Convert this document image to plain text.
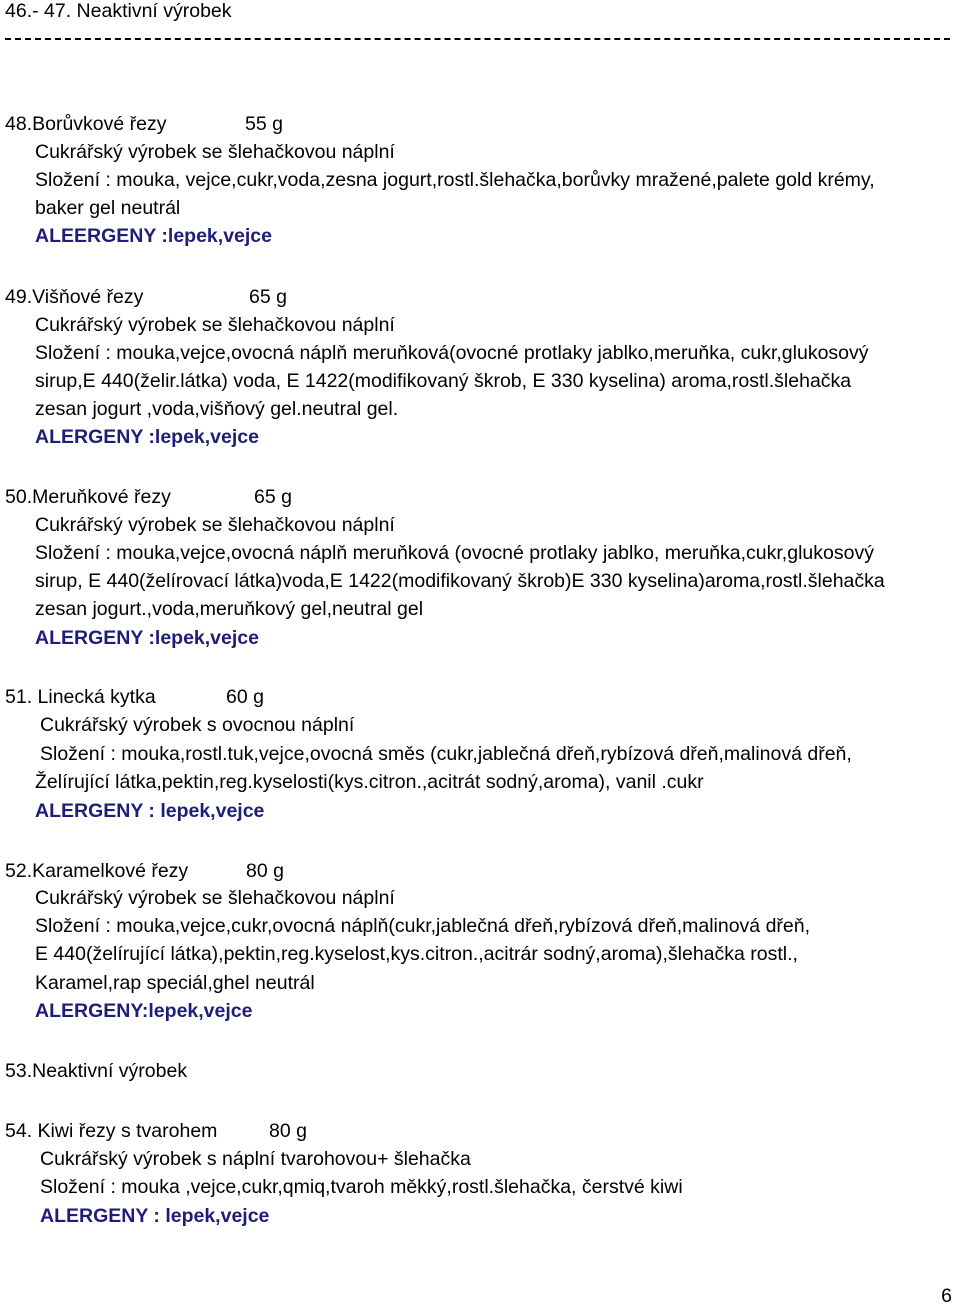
46.- 47. Neaktivní výrobek
48.Borůvkové řezy	55 g
Cukrářský výrobek se šlehačkovou náplní
Složení : mouka, vejce,cukr,voda,zesna jogurt,rostl.šlehačka,borůvky mražené,palete gold krémy,
baker gel neutrál
ALEERGENY :lepek,vejce
49.Višňové řezy	65 g
Cukrářský výrobek se šlehačkovou náplní
Složení : mouka,vejce,ovocná náplň meruňková(ovocné protlaky jablko,meruňka, cukr,glukosový
sirup,E 440(želir.látka) voda, E 1422(modifikovaný škrob, E 330 kyselina) aroma,rostl.šlehačka
zesan jogurt ,voda,višňový gel.neutral gel.
ALERGENY :lepek,vejce
50.Meruňkové řezy	65 g
Cukrářský výrobek se šlehačkovou náplní
Složení : mouka,vejce,ovocná náplň meruňková (ovocné protlaky jablko, meruňka,cukr,glukosový
sirup, E 440(želírovací látka)voda,E 1422(modifikovaný škrob)E 330 kyselina)aroma,rostl.šlehačka
zesan jogurt.,voda,meruňkový gel,neutral gel
ALERGENY :lepek,vejce
51. Linecká kytka	60 g
Cukrářský výrobek s ovocnou náplní
Složení : mouka,rostl.tuk,vejce,ovocná směs (cukr,jablečná dřeň,rybízová dřeň,malinová dřeň,
Želírující látka,pektin,reg.kyselosti(kys.citron.,acitrát sodný,aroma), vanil .cukr
ALERGENY : lepek,vejce
52.Karamelkové řezy	80 g
Cukrářský výrobek se šlehačkovou náplní
Složení : mouka,vejce,cukr,ovocná náplň(cukr,jablečná dřeň,rybízová dřeň,malinová dřeň,
E 440(želírující látka),pektin,reg.kyselost,kys.citron.,acitrár sodný,aroma),šlehačka rostl.,
Karamel,rap speciál,ghel neutrál
ALERGENY:lepek,vejce
53.Neaktivní výrobek
54. Kiwi řezy s tvarohem	80 g
Cukrářský výrobek s náplní tvarohovou+ šlehačka
Složení : mouka ,vejce,cukr,qmiq,tvaroh měkký,rostl.šlehačka, čerstvé kiwi
ALERGENY : lepek,vejce
6
